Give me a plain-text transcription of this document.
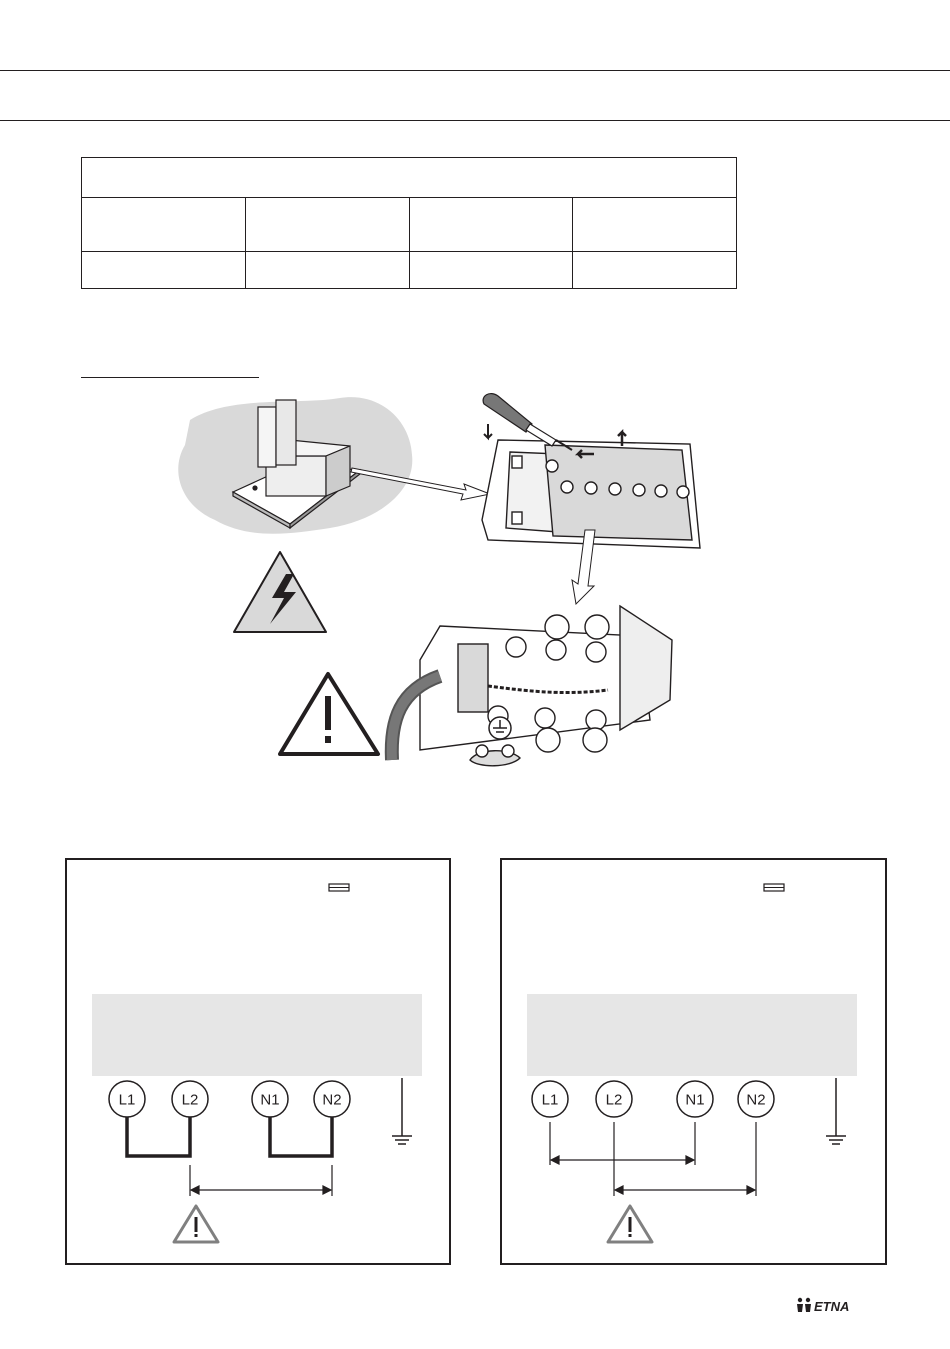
L1	L2	N1	N2	L1	L2	N1	N2
ETNA
